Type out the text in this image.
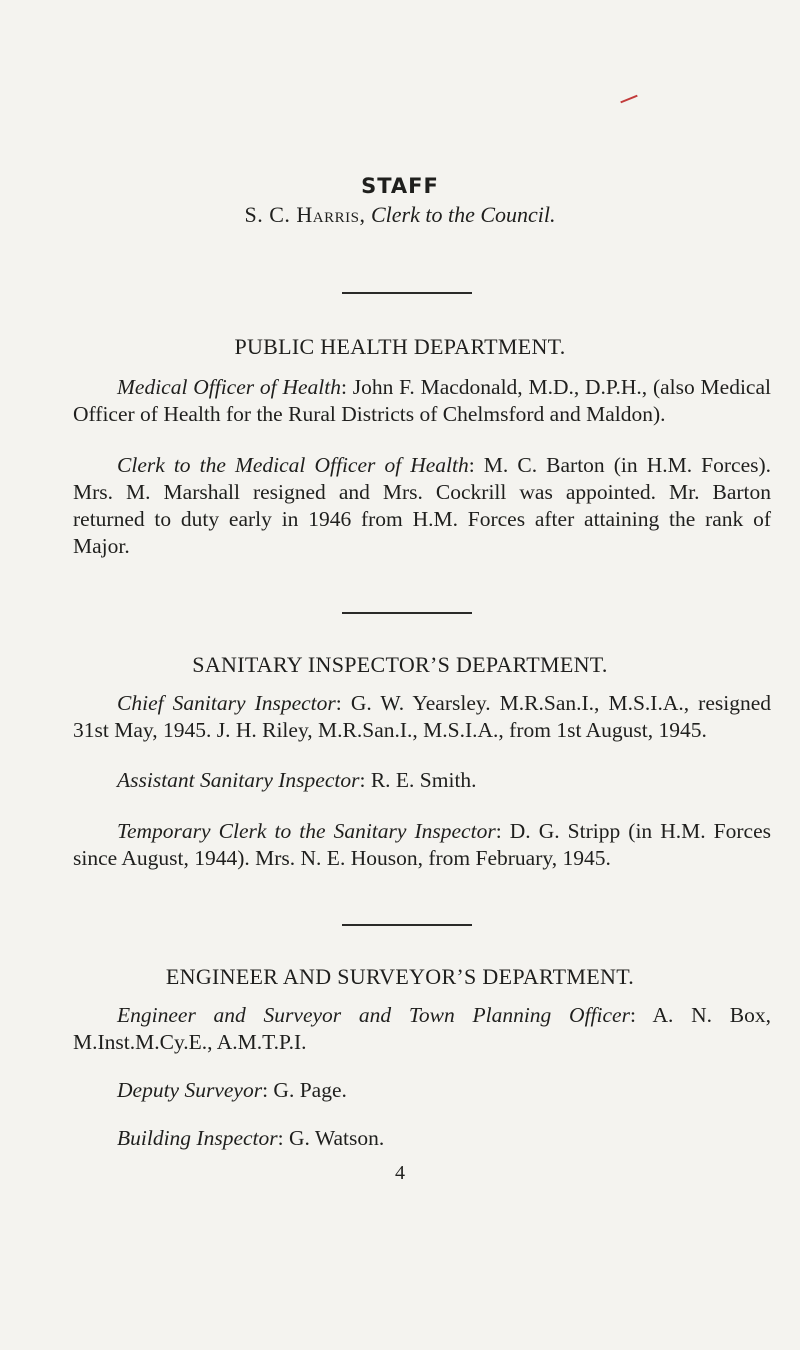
STAFF
S. C. Harris, Clerk to the Council.
PUBLIC HEALTH DEPARTMENT.

Medical Officer of Health: John F. Macdonald, M.D., D.P.H., (also Medical Officer of Health for the Rural Districts of Chelmsford and Maldon).

Clerk to the Medical Officer of Health: M. C. Barton (in H.M. Forces). Mrs. M. Marshall resigned and Mrs. Cockrill was appointed. Mr. Barton returned to duty early in 1946 from H.M. Forces after attaining the rank of Major.

SANITARY INSPECTOR’S DEPARTMENT.

Chief Sanitary Inspector: G. W. Yearsley. M.R.San.I., M.S.I.A., resigned 31st May, 1945. J. H. Riley, M.R.San.I., M.S.I.A., from 1st August, 1945.

Assistant Sanitary Inspector: R. E. Smith.

Temporary Clerk to the Sanitary Inspector: D. G. Stripp (in H.M. Forces since August, 1944). Mrs. N. E. Houson, from February, 1945.

ENGINEER AND SURVEYOR’S DEPARTMENT.

Engineer and Surveyor and Town Planning Officer: A. N. Box, M.Inst.M.Cy.E., A.M.T.P.I.

Deputy Surveyor: G. Page.

Building Inspector: G. Watson.

4
